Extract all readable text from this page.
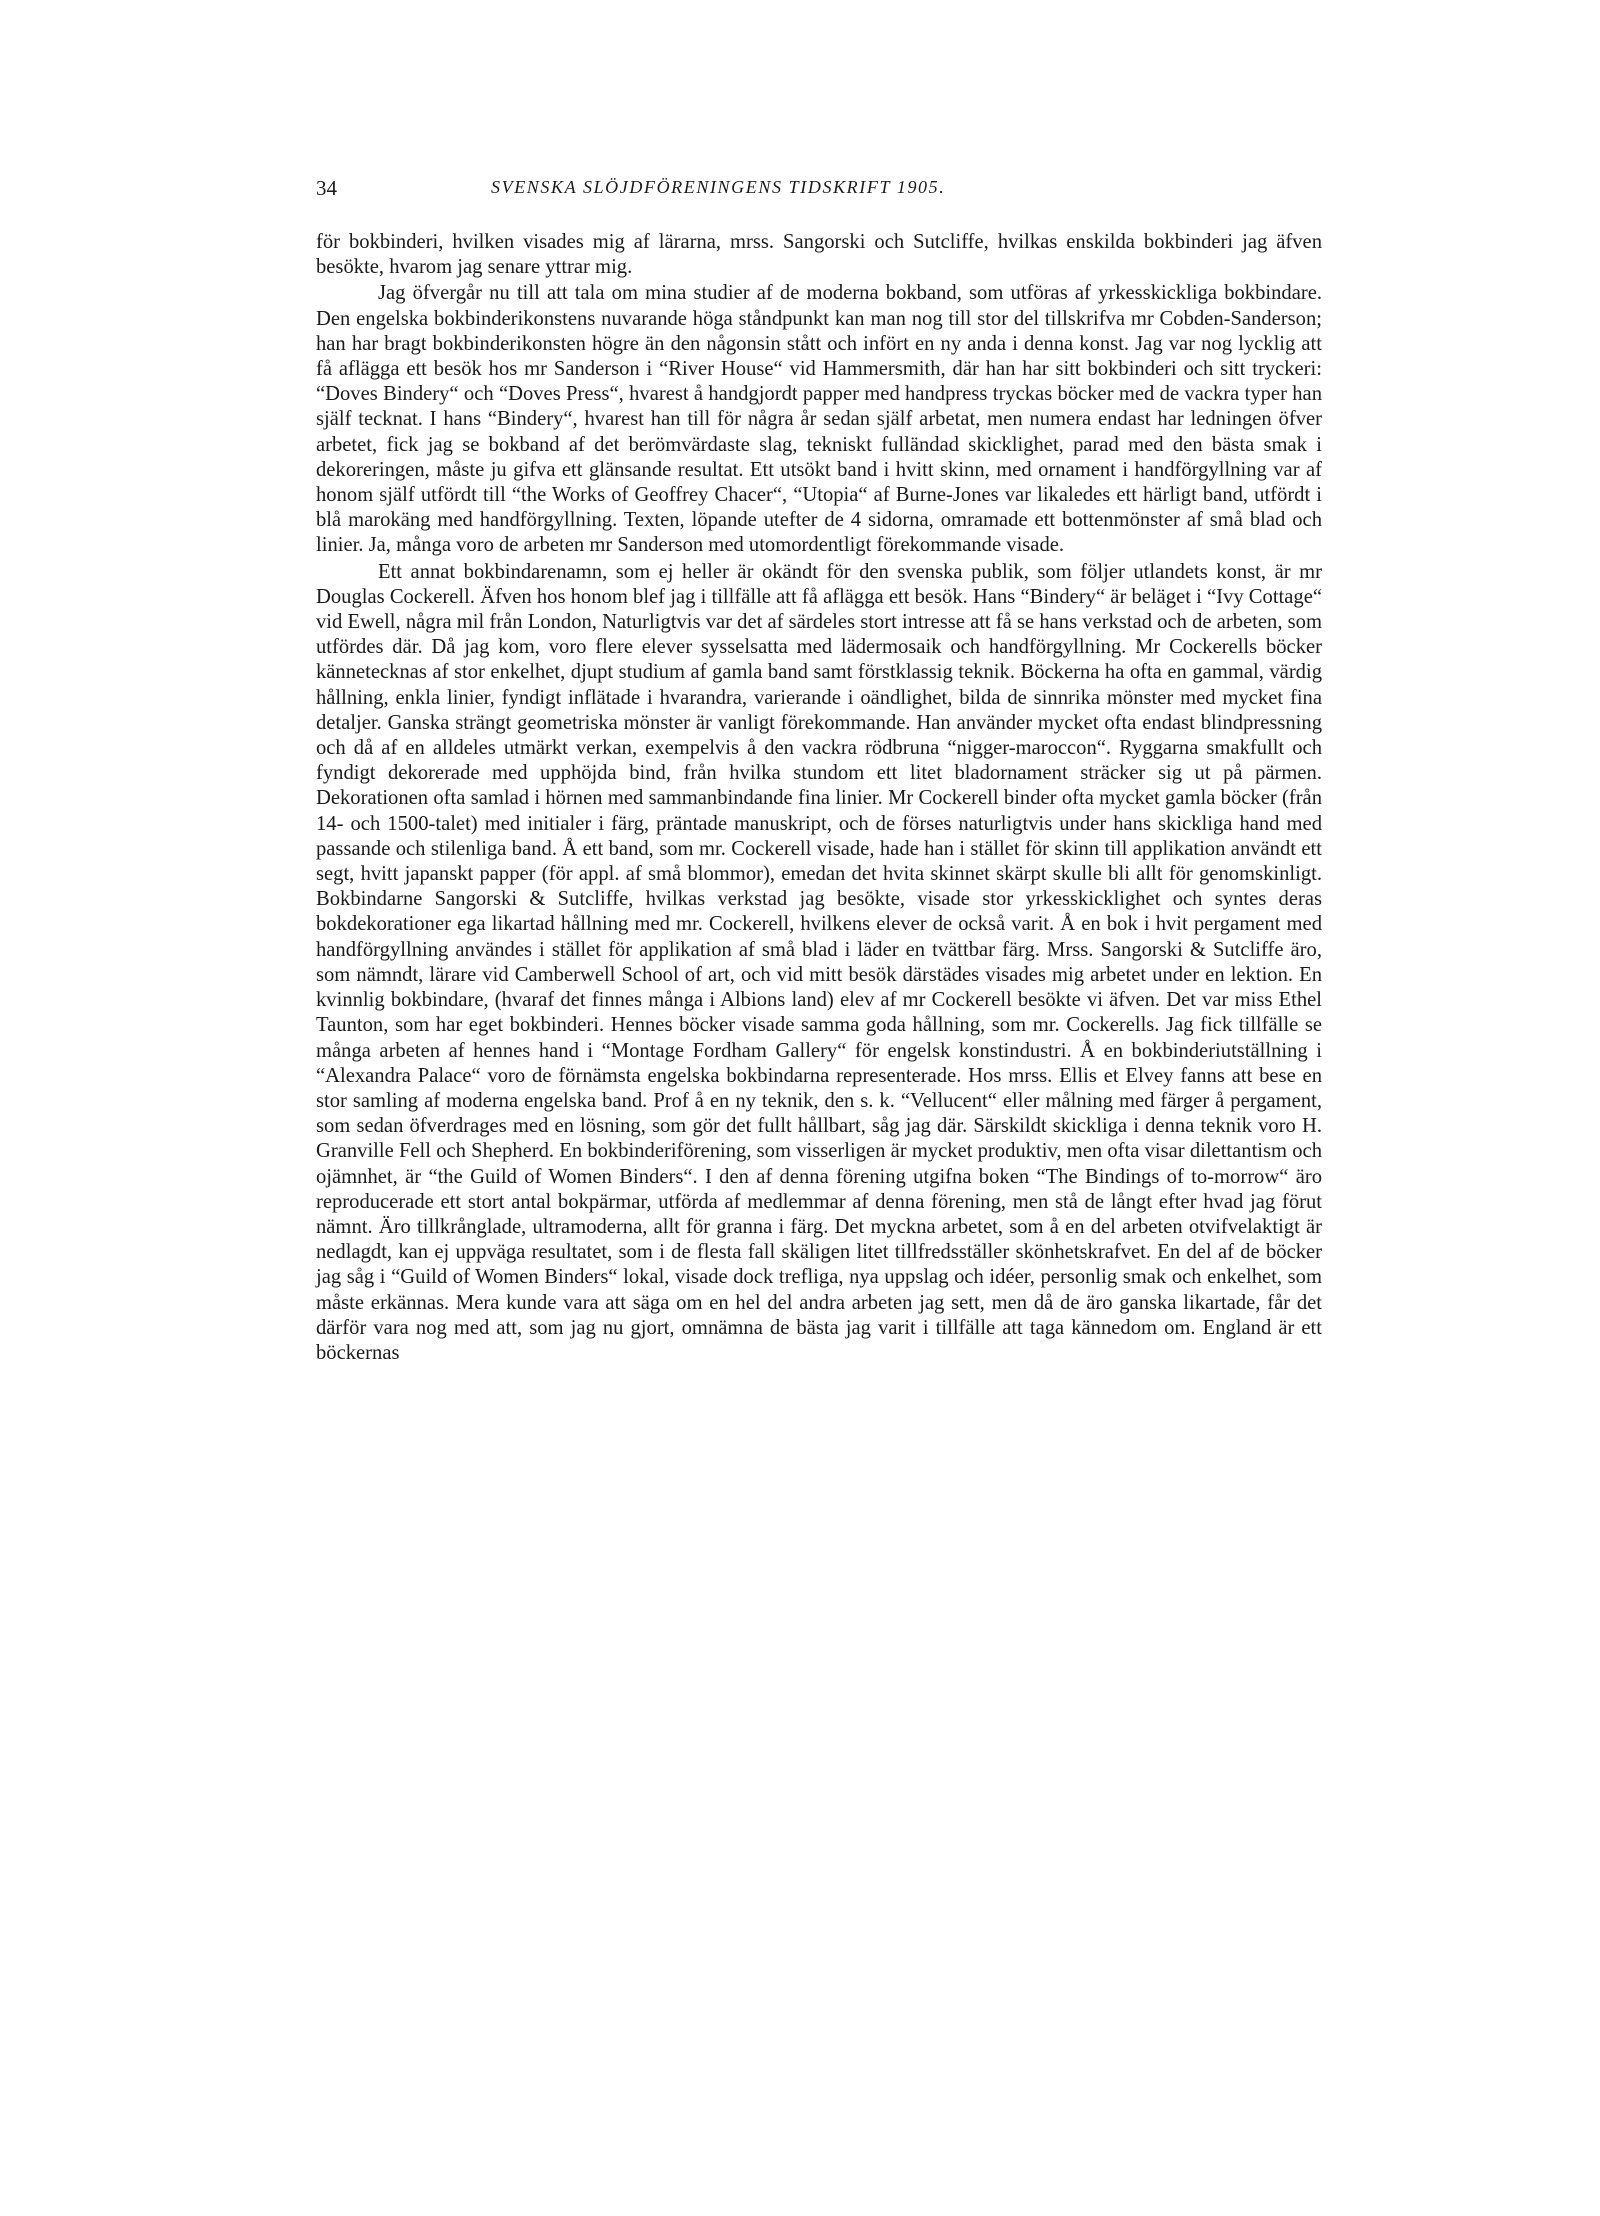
34	SVENSKA SLÖJDFÖRENINGENS TIDSKRIFT 1905.

för bokbinderi, hvilken visades mig af lärarna, mrss. Sangorski och Sutcliffe, hvilkas enskilda bokbinderi jag äfven besökte, hvarom jag senare yttrar mig.

Jag öfvergår nu till att tala om mina studier af de moderna bokband, som utföras af yrkesskickliga bokbindare. Den engelska bokbinderikonstens nuvarande höga ståndpunkt kan man nog till stor del tillskrifva mr Cobden-Sanderson; han har bragt bokbinderikonsten högre än den någonsin stått och infört en ny anda i denna konst. Jag var nog lycklig att få aflägga ett besök hos mr Sanderson i “River House“ vid Hammersmith, där han har sitt bokbinderi och sitt tryckeri: “Doves Bindery“ och “Doves Press“, hvarest å handgjordt papper med handpress tryckas böcker med de vackra typer han själf tecknat. I hans “Bindery“, hvarest han till för några år sedan själf arbetat, men numera endast har ledningen öfver arbetet, fick jag se bokband af det berömvärdaste slag, tekniskt fulländad skicklighet, parad med den bästa smak i dekoreringen, måste ju gifva ett glänsande resultat. Ett utsökt band i hvitt skinn, med ornament i handförgyllning var af honom själf utfördt till “the Works of Geoffrey Chacer“, “Utopia“ af Burne-Jones var likaledes ett härligt band, utfördt i blå marokäng med handförgyllning. Texten, löpande utefter de 4 sidorna, omramade ett bottenmönster af små blad och linier. Ja, många voro de arbeten mr Sanderson med utomordentligt förekommande visade.

Ett annat bokbindarenamn, som ej heller är okändt för den svenska publik, som följer utlandets konst, är mr Douglas Cockerell. Äfven hos honom blef jag i tillfälle att få aflägga ett besök. Hans “Bindery“ är beläget i “Ivy Cottage“ vid Ewell, några mil från London, Naturligtvis var det af särdeles stort intresse att få se hans verkstad och de arbeten, som utfördes där. Då jag kom, voro flere elever sysselsatta med lädermosaik och handförgyllning. Mr Cockerells böcker kännetecknas af stor enkelhet, djupt studium af gamla band samt förstklassig teknik. Böckerna ha ofta en gammal, värdig hållning, enkla linier, fyndigt inflätade i hvarandra, varierande i oändlighet, bilda de sinnrika mönster med mycket fina detaljer. Ganska strängt geometriska mönster är vanligt förekommande. Han använder mycket ofta endast blindpressning och då af en alldeles utmärkt verkan, exempelvis å den vackra rödbruna “nigger-maroccon“. Ryggarna smakfullt och fyndigt dekorerade med upphöjda bind, från hvilka stundom ett litet bladornament sträcker sig ut på pärmen. Dekorationen ofta samlad i hörnen med sammanbindande fina linier. Mr Cockerell binder ofta mycket gamla böcker (från 14- och 1500-talet) med initialer i färg, präntade manuskript, och de förses naturligtvis under hans skickliga hand med passande och stilenliga band. Å ett band, som mr. Cockerell visade, hade han i stället för skinn till applikation användt ett segt, hvitt japanskt papper (för appl. af små blommor), emedan det hvita skinnet skärpt skulle bli allt för genomskinligt. Bokbindarne Sangorski & Sutcliffe, hvilkas verkstad jag besökte, visade stor yrkesskicklighet och syntes deras bokdekorationer ega likartad hållning med mr. Cockerell, hvilkens elever de också varit. Å en bok i hvit pergament med handförgyllning användes i stället för applikation af små blad i läder en tvättbar färg. Mrss. Sangorski & Sutcliffe äro, som nämndt, lärare vid Camberwell School of art, och vid mitt besök därstädes visades mig arbetet under en lektion. En kvinnlig bokbindare, (hvaraf det finnes många i Albions land) elev af mr Cockerell besökte vi äfven. Det var miss Ethel Taunton, som har eget bokbinderi. Hennes böcker visade samma goda hållning, som mr. Cockerells. Jag fick tillfälle se många arbeten af hennes hand i “Montage Fordham Gallery“ för engelsk konstindustri. Å en bokbinderiutställning i “Alexandra Palace“ voro de förnämsta engelska bokbindarna representerade. Hos mrss. Ellis et Elvey fanns att bese en stor samling af moderna engelska band. Prof å en ny teknik, den s. k. “Vellucent“ eller målning med färger å pergament, som sedan öfverdrages med en lösning, som gör det fullt hållbart, såg jag där. Särskildt skickliga i denna teknik voro H. Granville Fell och Shepherd. En bokbinderiförening, som visserligen är mycket produktiv, men ofta visar dilettantism och ojämnhet, är “the Guild of Women Binders“. I den af denna förening utgifna boken “The Bindings of to-morrow“ äro reproducerade ett stort antal bokpärmar, utförda af medlemmar af denna förening, men stå de långt efter hvad jag förut nämnt. Äro tillkrånglade, ultramoderna, allt för granna i färg. Det myckna arbetet, som å en del arbeten otvifvelaktigt är nedlagdt, kan ej uppväga resultatet, som i de flesta fall skäligen litet tillfredsställer skönhetskrafvet. En del af de böcker jag såg i “Guild of Women Binders“ lokal, visade dock trefliga, nya uppslag och idéer, personlig smak och enkelhet, som måste erkännas. Mera kunde vara att säga om en hel del andra arbeten jag sett, men då de äro ganska likartade, får det därför vara nog med att, som jag nu gjort, omnämna de bästa jag varit i tillfälle att taga kännedom om. England är ett böckernas
